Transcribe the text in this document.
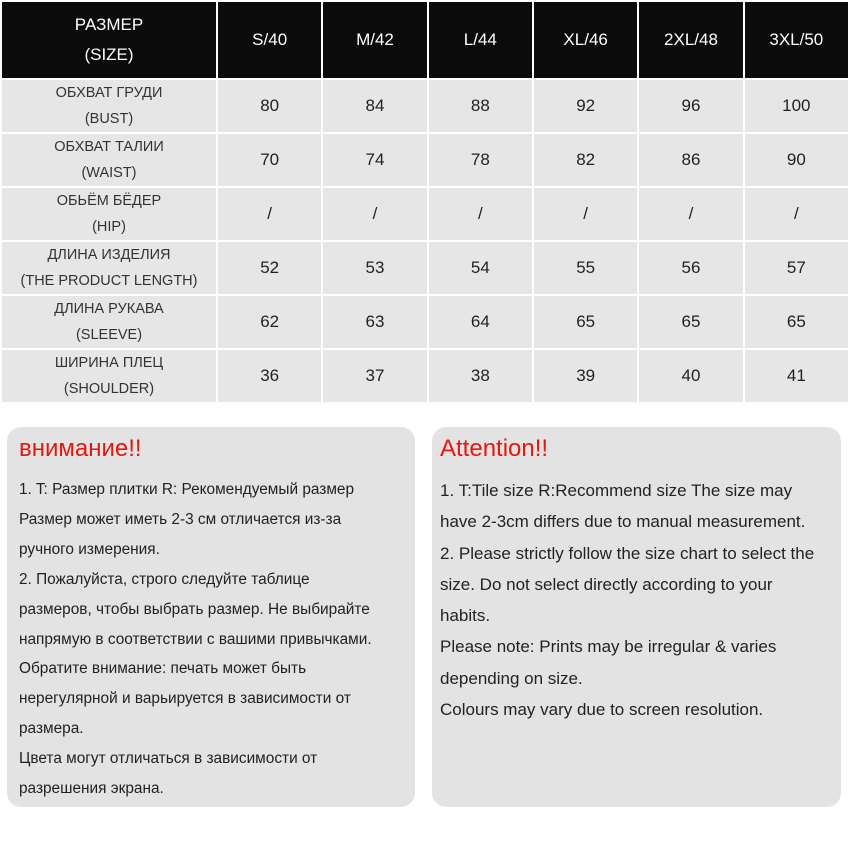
РАЗМЕР
(SIZE)	S/40	M/42	L/44	XL/46	2XL/48	3XL/50

ОБХВАТ ГРУДИ
(BUST)	80	84	88	92	96	100

ОБХВАТ ТАЛИИ
(WAIST)	70	74	78	82	86	90

ОБЬЁМ БЁДЕР
(HIP)	/	/	/	/	/	/

ДЛИНА ИЗДЕЛИЯ
(THE PRODUCT LENGTH)	52	53	54	55	56	57

ДЛИНА РУКАВА
(SLEEVE)	62	63	64	65	65	65

ШИРИНА ПЛЕЦ
(SHOULDER)	36	37	38	39	40	41
внимание!!
1. T: Размер плитки R: Рекомендуемый размер
Размер может иметь 2-3 см отличается из-за
ручного измерения.
2. Пожалуйста, строго следуйте таблице
размеров, чтобы выбрать размер. Не выбирайте
напрямую в соответствии с вашими привычками.
Обратите внимание: печать может быть
нерегулярной и варьируется в зависимости от
размера.
Цвета могут отличаться в зависимости от
разрешения экрана.
Attention!!
1. T:Tile size R:Recommend size The size may
have 2-3cm differs due to manual measurement.
2. Please strictly follow the size chart to select the
size. Do not select directly according to your
habits.
Please note: Prints may be irregular & varies
depending on size.
Colours may vary due to screen resolution.
